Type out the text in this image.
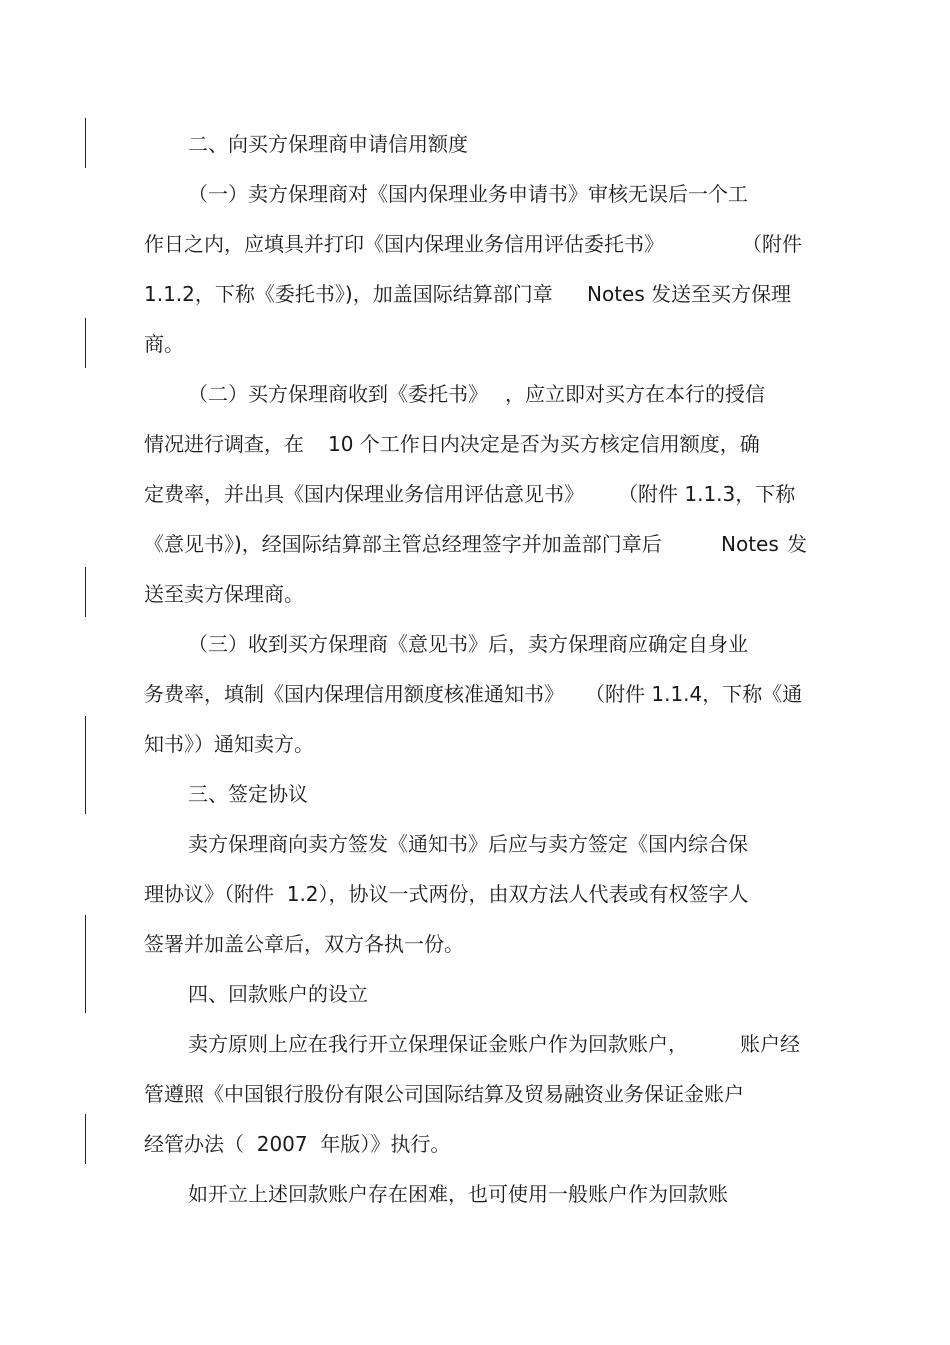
二、向买方保理商申请信用额度

（一）卖方保理商对《国内保理业务申请书》审核无误后一个工

作日之内，应填具并打印《国内保理业务信用评估委托书》

	（附件

1.1.2，下称《委托书》)，加盖国际结算部门章

Notes

发送至买方保理

商。

（二）买方保理商收到《委托书》

，应立即对买方在本行的授信

情况进行调查，在

10 个工作日内决定是否为买方核定信用额度，确

定费率，并出具《国内保理业务信用评估意见书》

（附件 1.1.3，下称

《意见书》)，经国际结算部主管总经理签字并加盖部门章后

	Notes

发

送至卖方保理商。

（三）收到买方保理商《意见书》后，卖方保理商应确定自身业

务费率，填制《国内保理信用额度核准通知书》

（附件 1.1.4，下称《通

知书》）通知卖方。

三、签定协议

卖方保理商向卖方签发《通知书》后应与卖方签定《国内综合保

理协议》（附件  1.2），协议一式两份，由双方法人代表或有权签字人

签署并加盖公章后，双方各执一份。

四、回款账户的设立

卖方原则上应在我行开立保理保证金账户作为回款账户，

	账户经

管遵照《中国银行股份有限公司国际结算及贸易融资业务保证金账户

经管办法（  2007  年版）》执行。

如开立上述回款账户存在困难，也可使用一般账户作为回款账
